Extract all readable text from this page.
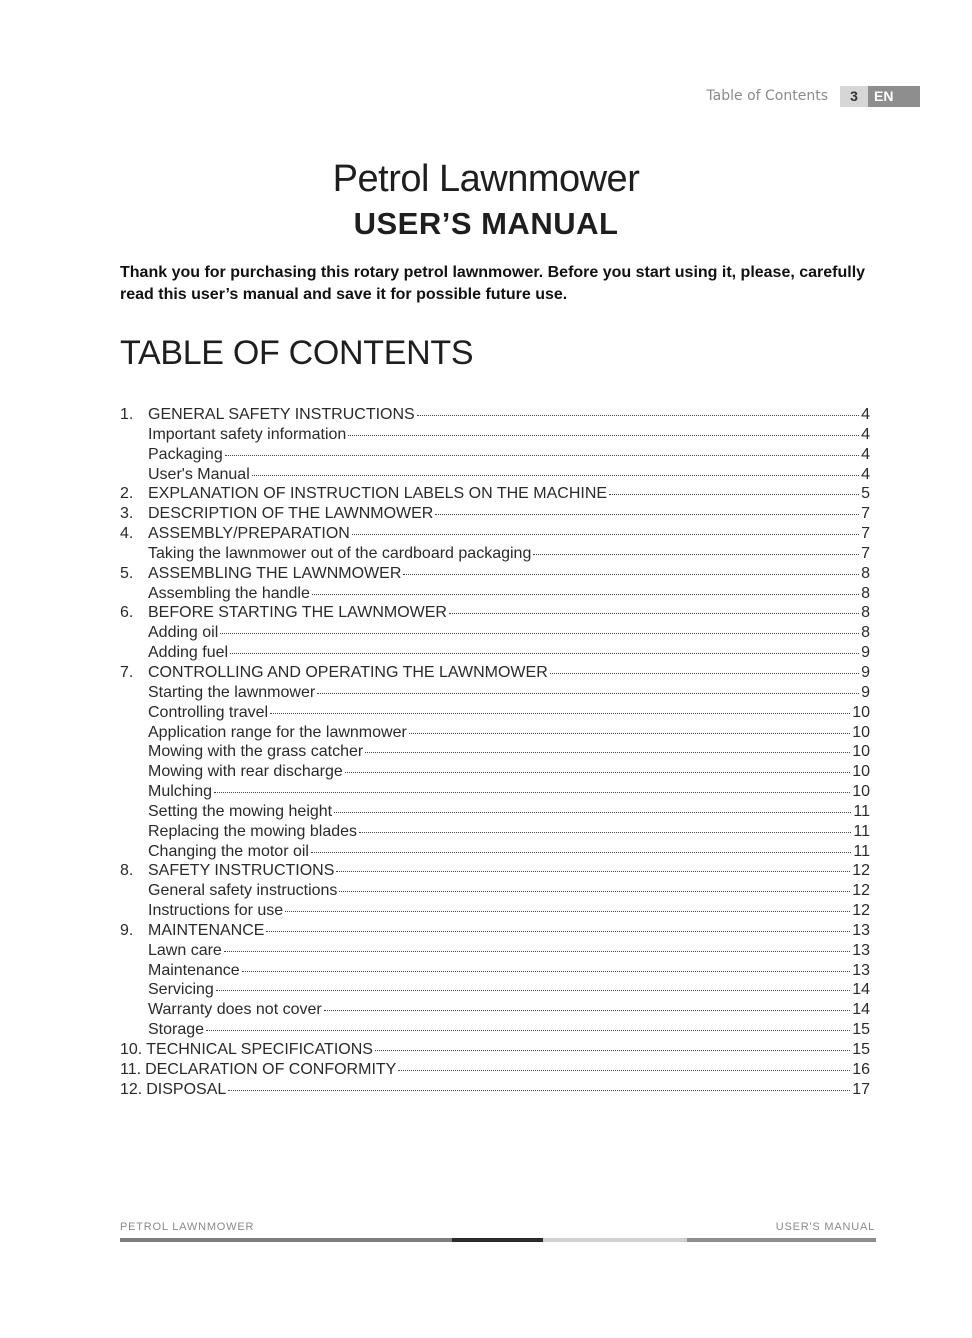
Table of Contents	3	EN
Petrol Lawnmower
USER’S MANUAL
Thank you for purchasing this rotary petrol lawnmower. Before you start using it, please, carefully read this user’s manual and save it for possible future use.
TABLE OF CONTENTS
1. GENERAL SAFETY INSTRUCTIONS	4
Important safety information	4
Packaging	4
User's Manual	4
2. EXPLANATION OF INSTRUCTION LABELS ON THE MACHINE	5
3. DESCRIPTION OF THE LAWNMOWER	7
4. ASSEMBLY/PREPARATION	7
Taking the lawnmower out of the cardboard packaging	7
5. ASSEMBLING THE LAWNMOWER	8
Assembling the handle	8
6. BEFORE STARTING THE LAWNMOWER	8
Adding oil	8
Adding fuel	9
7. CONTROLLING AND OPERATING THE LAWNMOWER	9
Starting the lawnmower	9
Controlling travel	10
Application range for the lawnmower	10
Mowing with the grass catcher	10
Mowing with rear discharge	10
Mulching	10
Setting the mowing height	11
Replacing the mowing blades	11
Changing the motor oil	11
8. SAFETY INSTRUCTIONS	12
General safety instructions	12
Instructions for use	12
9. MAINTENANCE	13
Lawn care	13
Maintenance	13
Servicing	14
Warranty does not cover	14
Storage	15
10. TECHNICAL SPECIFICATIONS	15
11. DECLARATION OF CONFORMITY	16
12. DISPOSAL	17
PETROL LAWNMOWER	USER'S MANUAL
